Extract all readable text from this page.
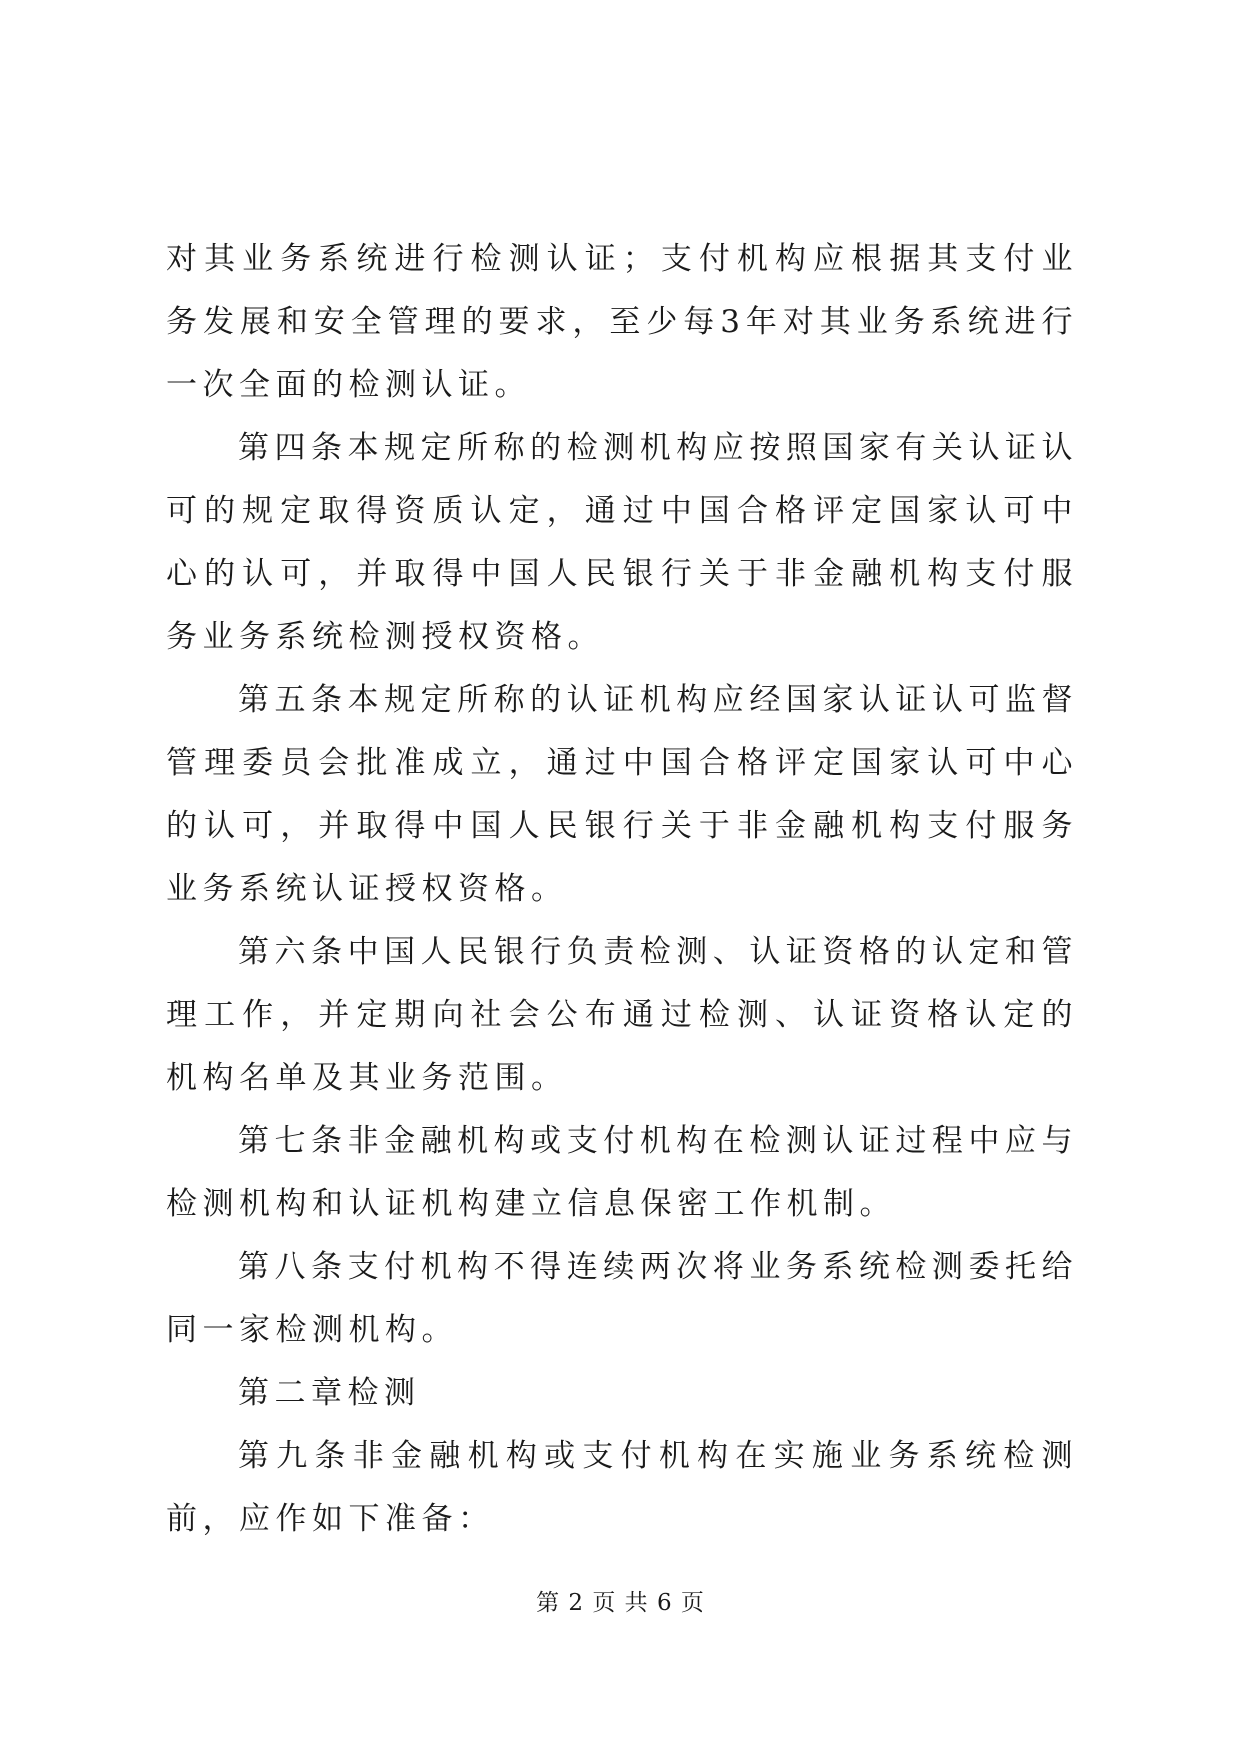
对其业务系统进行检测认证；支付机构应根据其支付业务发展和安全管理的要求，至少每3年对其业务系统进行一次全面的检测认证。

第四条本规定所称的检测机构应按照国家有关认证认可的规定取得资质认定，通过中国合格评定国家认可中心的认可，并取得中国人民银行关于非金融机构支付服务业务系统检测授权资格。

第五条本规定所称的认证机构应经国家认证认可监督管理委员会批准成立，通过中国合格评定国家认可中心的认可，并取得中国人民银行关于非金融机构支付服务业务系统认证授权资格。

第六条中国人民银行负责检测、认证资格的认定和管理工作，并定期向社会公布通过检测、认证资格认定的机构名单及其业务范围。

第七条非金融机构或支付机构在检测认证过程中应与检测机构和认证机构建立信息保密工作机制。

第八条支付机构不得连续两次将业务系统检测委托给同一家检测机构。

第二章检测

第九条非金融机构或支付机构在实施业务系统检测前，应作如下准备：

第 2 页 共 6 页
